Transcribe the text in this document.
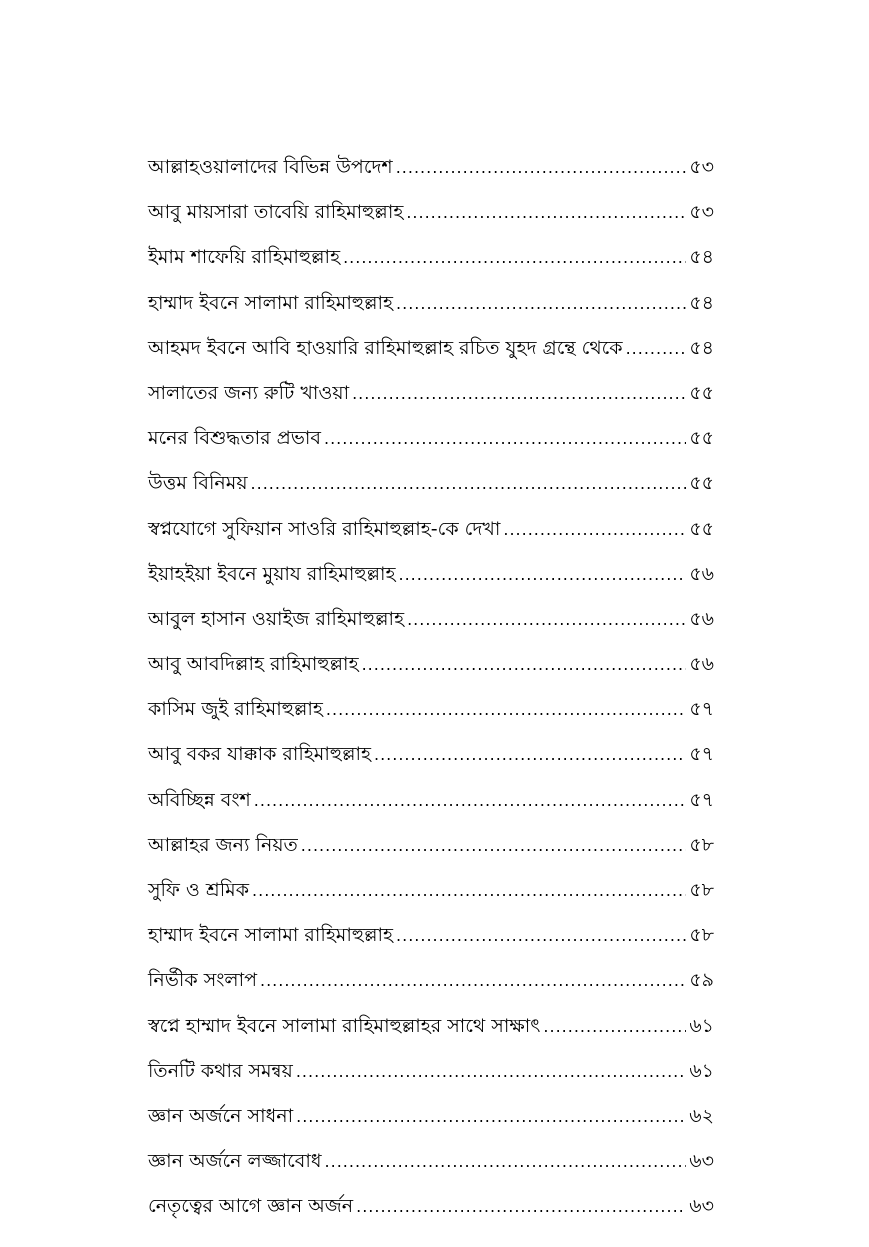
আল্লাহওয়ালাদের বিভিন্ন উপদেশ .....	৫৩
আবু মায়সারা তাবেয়ি রাহিমাহুল্লাহ .....	৫৩
ইমাম শাফেয়ি রাহিমাহুল্লাহ .....	৫৪
হাম্মাদ ইবনে সালামা রাহিমাহুল্লাহ .....	৫৪
আহমদ ইবনে আবি হাওয়ারি রাহিমাহুল্লাহ রচিত যুহদ গ্রন্থে থেকে .....	৫৪
সালাতের জন্য রুটি খাওয়া .....	৫৫
মনের বিশুদ্ধতার প্রভাব .....	৫৫
উত্তম বিনিময় .....	৫৫
স্বপ্নযোগে সুফিয়ান সাওরি রাহিমাহুল্লাহ-কে দেখা .....	৫৫
ইয়াহইয়া ইবনে মুয়ায রাহিমাহুল্লাহ .....	৫৬
আবুল হাসান ওয়াইজ রাহিমাহুল্লাহ .....	৫৬
আবু আবদিল্লাহ রাহিমাহুল্লাহ .....	৫৬
কাসিম জুই রাহিমাহুল্লাহ .....	৫৭
আবু বকর যাক্কাক রাহিমাহুল্লাহ .....	৫৭
অবিচ্ছিন্ন বংশ .....	৫৭
আল্লাহর জন্য নিয়ত .....	৫৮
সুফি ও শ্রমিক .....	৫৮
হাম্মাদ ইবনে সালামা রাহিমাহুল্লাহ .....	৫৮
নির্ভীক সংলাপ .....	৫৯
স্বপ্নে হাম্মাদ ইবনে সালামা রাহিমাহুল্লাহর সাথে সাক্ষাৎ .....	৬১
তিনটি কথার সমন্বয় .....	৬১
জ্ঞান অর্জনে সাধনা .....	৬২
জ্ঞান অর্জনে লজ্জাবোধ .....	৬৩
নেতৃত্বের আগে জ্ঞান অর্জন .....	৬৩
